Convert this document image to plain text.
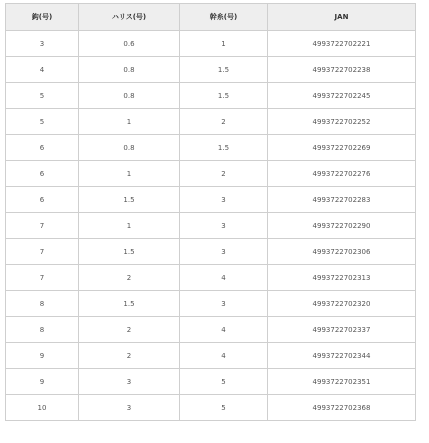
鈎(号)	ハリス(号)	幹糸(号)	JAN
3	0.6	1	4993722702221
4	0.8	1.5	4993722702238
5	0.8	1.5	4993722702245
5	1	2	4993722702252
6	0.8	1.5	4993722702269
6	1	2	4993722702276
6	1.5	3	4993722702283
7	1	3	4993722702290
7	1.5	3	4993722702306
7	2	4	4993722702313
8	1.5	3	4993722702320
8	2	4	4993722702337
9	2	4	4993722702344
9	3	5	4993722702351
10	3	5	4993722702368
